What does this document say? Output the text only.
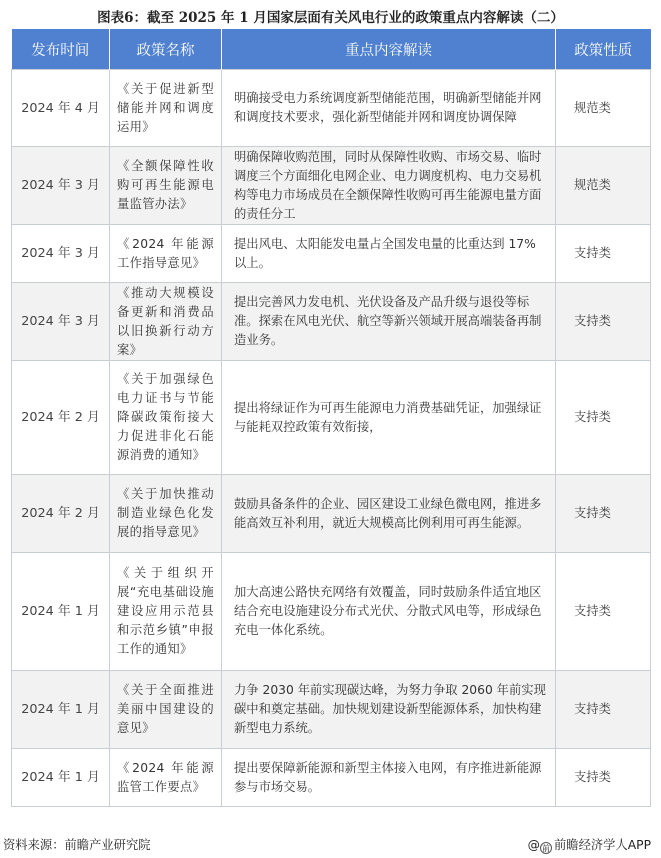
图表6：截至 2025 年 1 月国家层面有关风电行业的政策重点内容解读（二）
发布时间	政策名称	重点内容解读	政策性质
2024 年 4 月	《关于促进新型储能并网和调度运用》	明确接受电力系统调度新型储能范围，明确新型储能并网和调度技术要求，强化新型储能并网和调度协调保障	规范类
2024 年 3 月	《全额保障性收购可再生能源电量监管办法》	明确保障收购范围，同时从保障性收购、市场交易、临时调度三个方面细化电网企业、电力调度机构、电力交易机构等电力市场成员在全额保障性收购可再生能源电量方面的责任分工	规范类
2024 年 3 月	《2024 年能源工作指导意见》	提出风电、太阳能发电量占全国发电量的比重达到 17%以上。	支持类
2024 年 3 月	《推动大规模设备更新和消费品以旧换新行动方案》	提出完善风力发电机、光伏设备及产品升级与退役等标准。探索在风电光伏、航空等新兴领域开展高端装备再制造业务。	支持类
2024 年 2 月	《关于加强绿色电力证书与节能降碳政策衔接大力促进非化石能源消费的通知》	提出将绿证作为可再生能源电力消费基础凭证，加强绿证与能耗双控政策有效衔接，	支持类
2024 年 2 月	《关于加快推动制造业绿色化发展的指导意见》	鼓励具备条件的企业、园区建设工业绿色微电网，推进多能高效互补利用，就近大规模高比例利用可再生能源。	支持类
2024 年 1 月	《关于组织开展“充电基础设施建设应用示范县和示范乡镇”申报工作的通知》	加大高速公路快充网络有效覆盖，同时鼓励条件适宜地区结合充电设施建设分布式光伏、分散式风电等，形成绿色充电一体化系统。	支持类
2024 年 1 月	《关于全面推进美丽中国建设的意见》	力争 2030 年前实现碳达峰，为努力争取 2060 年前实现碳中和奠定基础。加快规划建设新型能源体系，加快构建新型电力系统。	支持类
2024 年 1 月	《2024 年能源监管工作要点》	提出要保障新能源和新型主体接入电网，有序推进新能源参与市场交易。	支持类
资料来源：前瞻产业研究院	@ 前 前瞻经济学人APP
